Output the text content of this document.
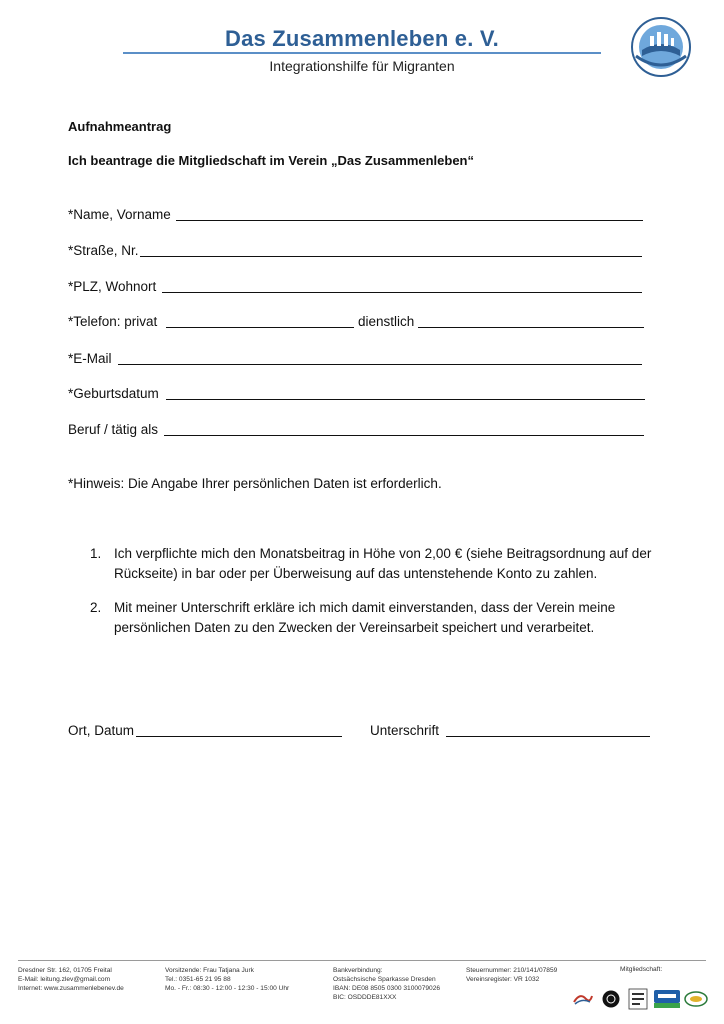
Das Zusammenleben e. V.
Integrationshilfe für Migranten
Aufnahmeantrag
Ich beantrage die Mitgliedschaft im Verein „Das Zusammenleben“
*Name, Vorname
*Straße, Nr.
*PLZ, Wohnort
*Telefon: privat	dienstlich
*E-Mail
*Geburtsdatum
Beruf / tätig als
*Hinweis: Die Angabe Ihrer persönlichen Daten ist erforderlich.
1. Ich verpflichte mich den Monatsbeitrag in Höhe von 2,00 € (siehe Beitragsordnung auf der Rückseite) in bar oder per Überweisung auf das untenstehende Konto zu zahlen.
2. Mit meiner Unterschrift erkläre ich mich damit einverstanden, dass der Verein meine persönlichen Daten zu den Zwecken der Vereinsarbeit speichert und verarbeitet.
Ort, Datum	Unterschrift
Dresdner Str. 162, 01705 Freital
E-Mail: leitung.zlev@gmail.com
Internet: www.zusammenlebenev.de
Vorsitzende: Frau Tatjana Jurk
Tel.: 0351-65 21 95 88
Mo. - Fr.: 08:30 - 12:00 - 12:30 - 15:00 Uhr
Bankverbindung:
Ostsächsische Sparkasse Dresden
IBAN: DE08 8505 0300 3100079026
BIC: OSDDDE81XXX
Steuernummer: 210/141/07859
Vereinsregister: VR 1032
Mitgliedschaft:
